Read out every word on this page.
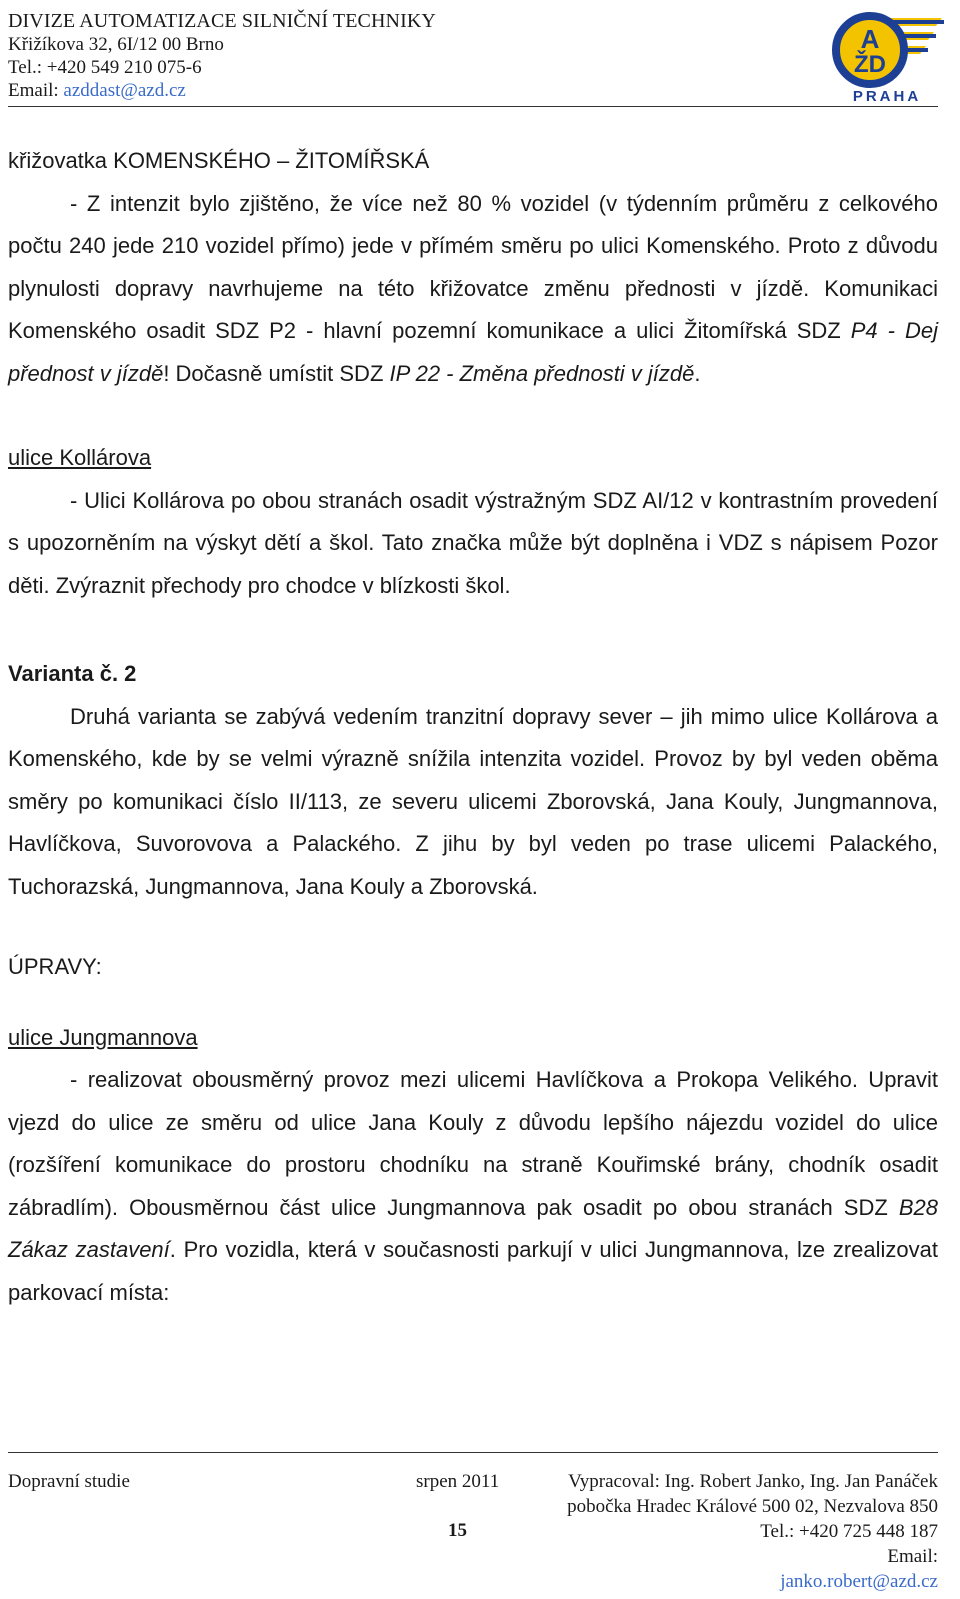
DIVIZE AUTOMATIZACE SILNIČNÍ TECHNIKY
Křižíkova 32, 6I/12 00 Brno
Tel.: +420 549 210 075-6
Email: azddast@azd.cz
A
ŽD
PRAHA
křižovatka KOMENSKÉHO – ŽITOMÍŘSKÁ

- Z intenzit bylo zjištěno, že více než 80 % vozidel (v týdenním průměru z celkového počtu 240 jede 210 vozidel přímo) jede v přímém směru po ulici Komenského. Proto z důvodu plynulosti dopravy navrhujeme na této křižovatce změnu přednosti v jízdě. Komunikaci Komenského osadit SDZ P2 - hlavní pozemní komunikace a ulici Žitomířská SDZ P4 - Dej přednost v jízdě! Dočasně umístit SDZ IP 22 - Změna přednosti v jízdě.

ulice Kollárova

- Ulici Kollárova po obou stranách osadit výstražným SDZ AI/12 v kontrastním provedení s upozorněním na výskyt dětí a škol. Tato značka může být doplněna i VDZ s nápisem Pozor děti. Zvýraznit přechody pro chodce v blízkosti škol.

Varianta č. 2

Druhá varianta se zabývá vedením tranzitní dopravy sever – jih mimo ulice Kollárova a Komenského, kde by se velmi výrazně snížila intenzita vozidel. Provoz by byl veden oběma směry po komunikaci číslo II/113, ze severu ulicemi Zborovská, Jana Kouly, Jungmannova, Havlíčkova, Suvorovova a Palackého. Z jihu by byl veden po trase ulicemi Palackého, Tuchorazská, Jungmannova, Jana Kouly a Zborovská.

ÚPRAVY:
ulice Jungmannova

- realizovat obousměrný provoz mezi ulicemi Havlíčkova a Prokopa Velikého. Upravit vjezd do ulice ze směru od ulice Jana Kouly z důvodu lepšího nájezdu vozidel do ulice (rozšíření komunikace do prostoru chodníku na straně Kouřimské brány, chodník osadit zábradlím). Obousměrnou část ulice Jungmannova pak osadit po obou stranách SDZ B28 Zákaz zastavení. Pro vozidla, která v současnosti parkují v ulici Jungmannova, lze zrealizovat parkovací místa:

Dopravní studie	srpen 2011
15
Vypracoval: Ing. Robert Janko, Ing. Jan Panáček
pobočka Hradec Králové 500 02, Nezvalova 850
Tel.: +420 725 448 187
Email:
janko.robert@azd.cz
